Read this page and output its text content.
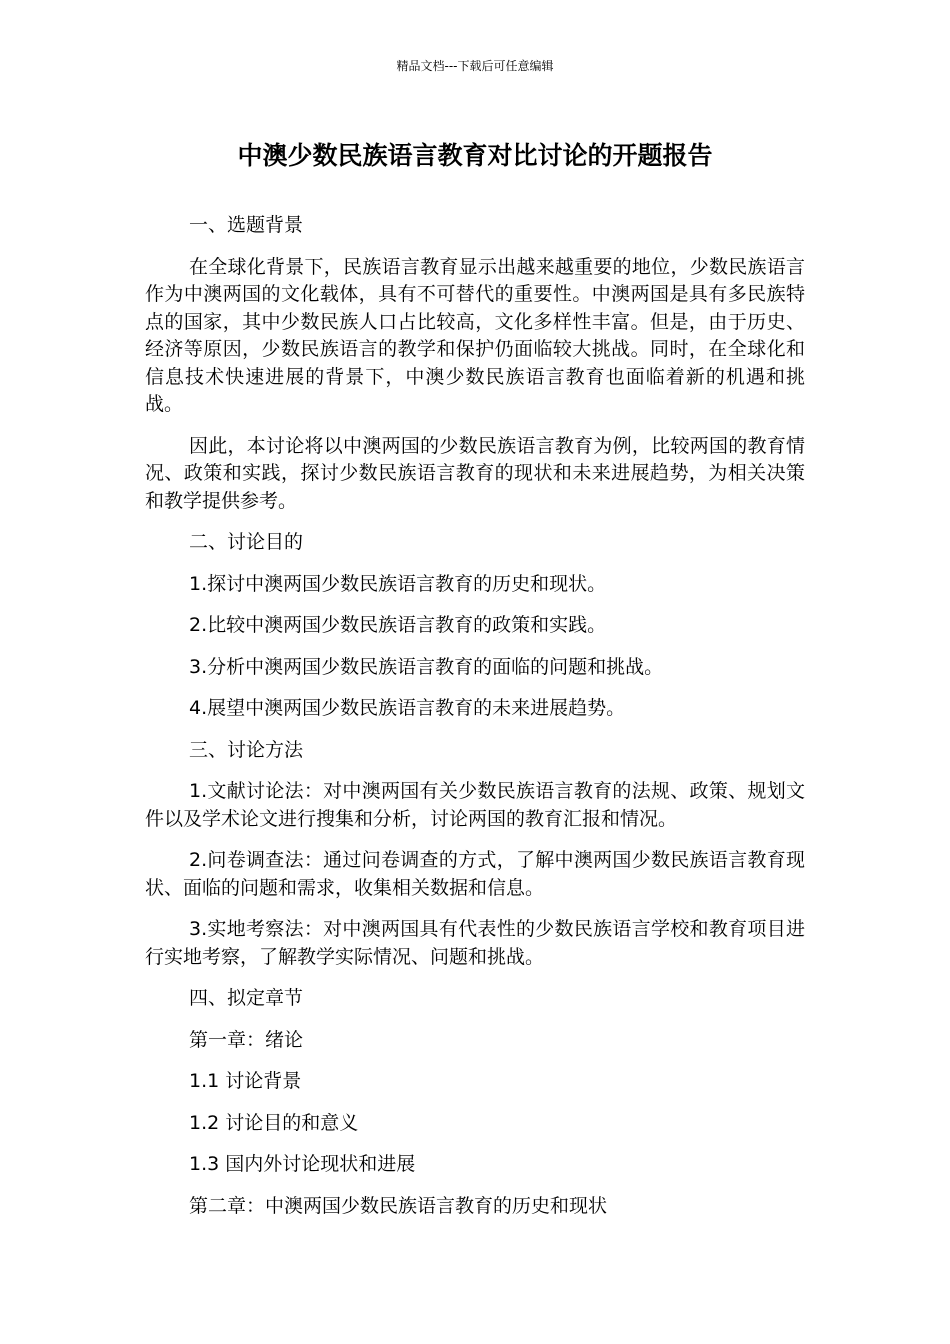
精品文档---下载后可任意编辑
中澳少数民族语言教育对比讨论的开题报告

一、选题背景

在全球化背景下，民族语言教育显示出越来越重要的地位，少数民族语言作为中澳两国的文化载体，具有不可替代的重要性。中澳两国是具有多民族特点的国家，其中少数民族人口占比较高，文化多样性丰富。但是，由于历史、经济等原因，少数民族语言的教学和保护仍面临较大挑战。同时，在全球化和信息技术快速进展的背景下，中澳少数民族语言教育也面临着新的机遇和挑战。

因此，本讨论将以中澳两国的少数民族语言教育为例，比较两国的教育情况、政策和实践，探讨少数民族语言教育的现状和未来进展趋势，为相关决策和教学提供参考。

二、讨论目的

1.探讨中澳两国少数民族语言教育的历史和现状。

2.比较中澳两国少数民族语言教育的政策和实践。

3.分析中澳两国少数民族语言教育的面临的问题和挑战。

4.展望中澳两国少数民族语言教育的未来进展趋势。

三、讨论方法

1.文献讨论法：对中澳两国有关少数民族语言教育的法规、政策、规划文件以及学术论文进行搜集和分析，讨论两国的教育汇报和情况。

2.问卷调查法：通过问卷调查的方式，了解中澳两国少数民族语言教育现状、面临的问题和需求，收集相关数据和信息。

3.实地考察法：对中澳两国具有代表性的少数民族语言学校和教育项目进行实地考察，了解教学实际情况、问题和挑战。

四、拟定章节

第一章：绪论

1.1 讨论背景

1.2 讨论目的和意义

1.3 国内外讨论现状和进展

第二章：中澳两国少数民族语言教育的历史和现状
